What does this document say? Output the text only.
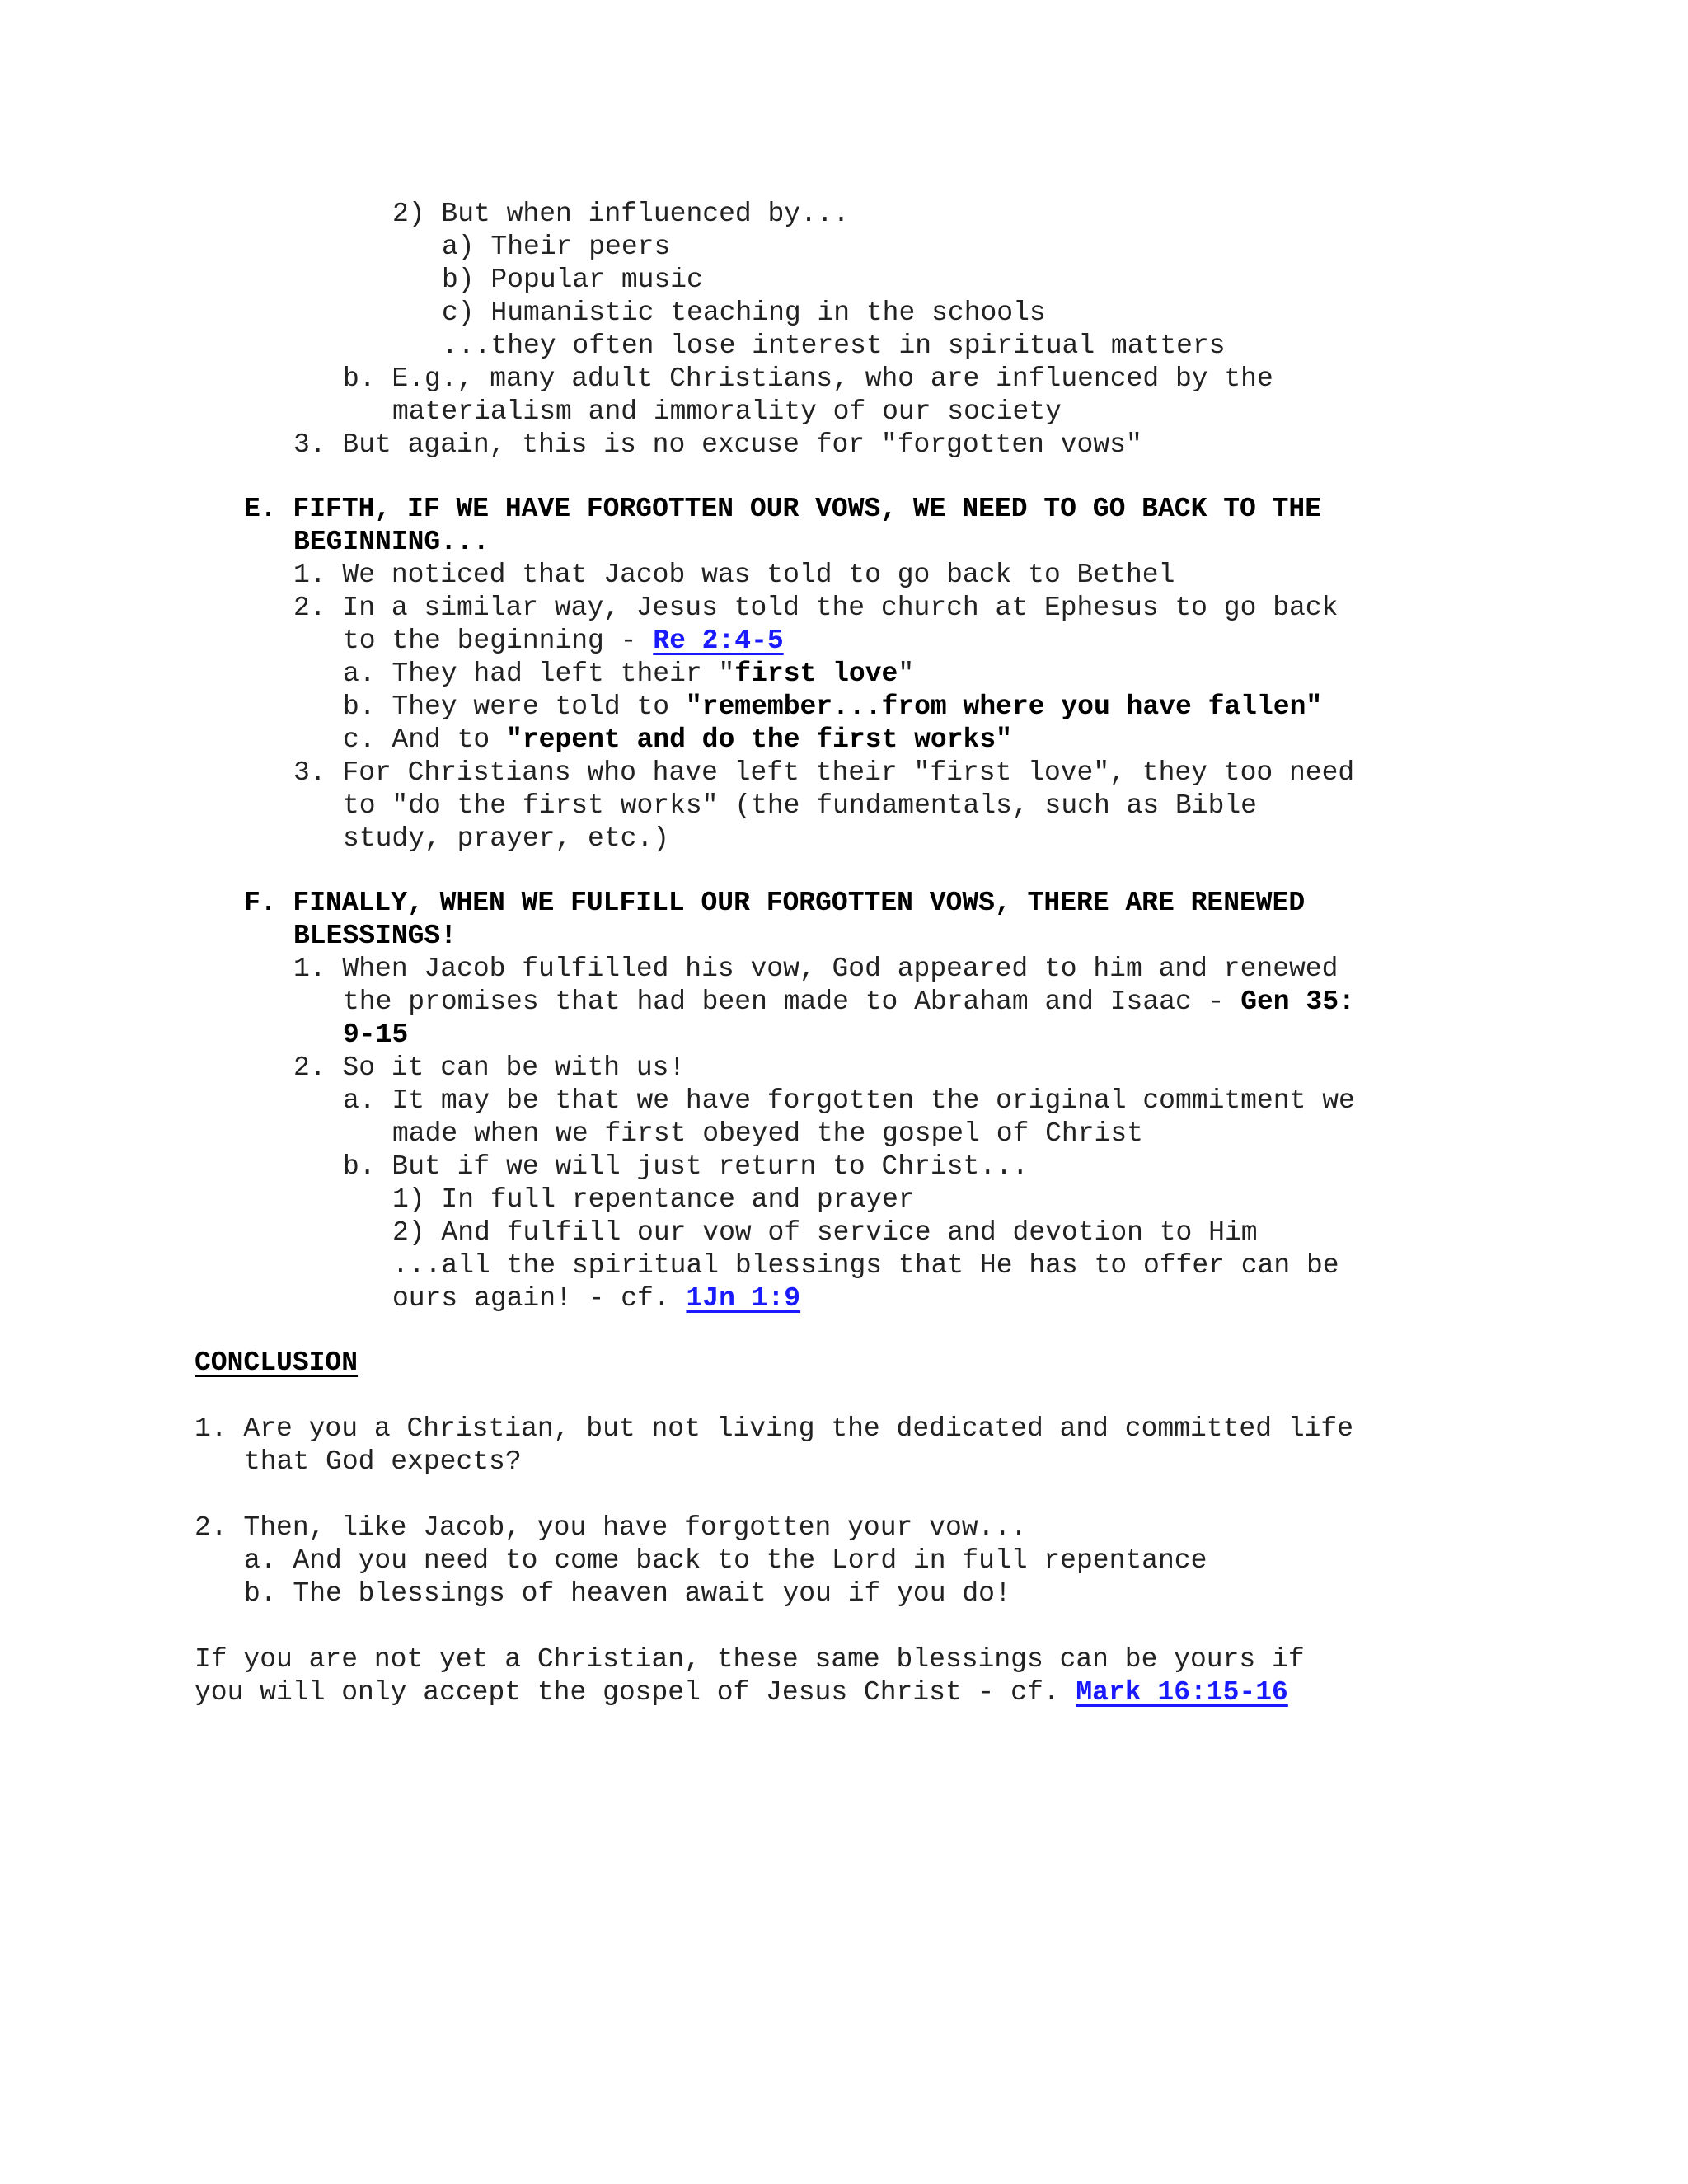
2) But when influenced by...
a) Their peers
b) Popular music
c) Humanistic teaching in the schools
...they often lose interest in spiritual matters
b. E.g., many adult Christians, who are influenced by the
materialism and immorality of our society
3. But again, this is no excuse for "forgotten vows"
E. FIFTH, IF WE HAVE FORGOTTEN OUR VOWS, WE NEED TO GO BACK TO THE
BEGINNING...
1. We noticed that Jacob was told to go back to Bethel
2. In a similar way, Jesus told the church at Ephesus to go back
to the beginning - Re 2:4-5
a. They had left their "first love"
b. They were told to "remember...from where you have fallen"
c. And to "repent and do the first works"
3. For Christians who have left their "first love", they too need
to "do the first works" (the fundamentals, such as Bible
study, prayer, etc.)
F. FINALLY, WHEN WE FULFILL OUR FORGOTTEN VOWS, THERE ARE RENEWED
BLESSINGS!
1. When Jacob fulfilled his vow, God appeared to him and renewed
the promises that had been made to Abraham and Isaac - Gen 35:
9-15
2. So it can be with us!
a. It may be that we have forgotten the original commitment we
made when we first obeyed the gospel of Christ
b. But if we will just return to Christ...
1) In full repentance and prayer
2) And fulfill our vow of service and devotion to Him
...all the spiritual blessings that He has to offer can be
ours again! - cf. 1Jn 1:9
CONCLUSION
1. Are you a Christian, but not living the dedicated and committed life
that God expects?
2. Then, like Jacob, you have forgotten your vow...
a. And you need to come back to the Lord in full repentance
b. The blessings of heaven await you if you do!
If you are not yet a Christian, these same blessings can be yours if
you will only accept the gospel of Jesus Christ - cf. Mark 16:15-16
